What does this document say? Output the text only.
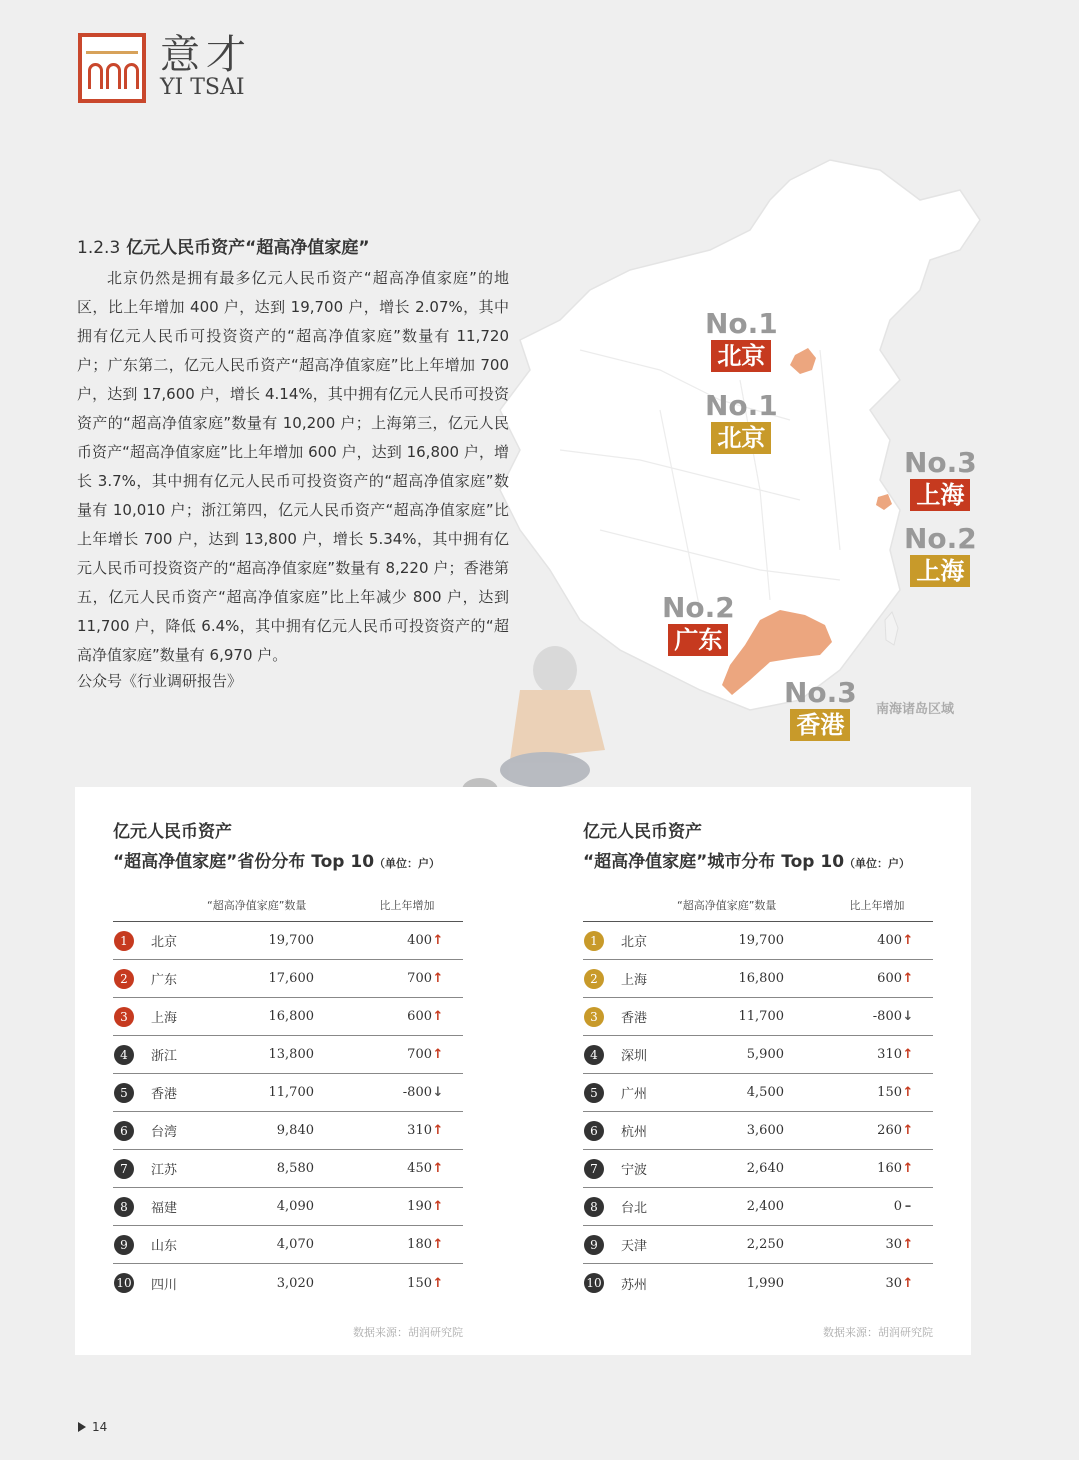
意才
YI TSAI
No.1
北京
No.1
北京
No.3
上海
No.2
上海
No.2
广东
No.3
香港
南海诸岛区域
1.2.3 亿元人民币资产“超高净值家庭”

北京仍然是拥有最多亿元人民币资产“超高净值家庭”的地区，比上年增加 400 户，达到 19,700 户，增长 2.07%，其中拥有亿元人民币可投资资产的“超高净值家庭”数量有 11,720 户；广东第二，亿元人民币资产“超高净值家庭”比上年增加 700 户，达到 17,600 户，增长 4.14%，其中拥有亿元人民币可投资资产的“超高净值家庭”数量有 10,200 户；上海第三，亿元人民币资产“超高净值家庭”比上年增加 600 户，达到 16,800 户，增长 3.7%，其中拥有亿元人民币可投资资产的“超高净值家庭”数量有 10,010 户；浙江第四，亿元人民币资产“超高净值家庭”比上年增长 700 户，达到 13,800 户，增长 5.34%，其中拥有亿元人民币可投资资产的“超高净值家庭”数量有 8,220 户；香港第五，亿元人民币资产“超高净值家庭”比上年减少 800 户，达到 11,700 户，降低 6.4%，其中拥有亿元人民币可投资资产的“超高净值家庭”数量有 6,970 户。

公众号《行业调研报告》
亿元人民币资产
“超高净值家庭”省份分布 Top 10（单位：户）
“超高净值家庭”数量	比上年增加
1	北京	19,700	400↑
2	广东	17,600	700↑
3	上海	16,800	600↑
4	浙江	13,800	700↑
5	香港	11,700	-800↓
6	台湾	9,840	310↑
7	江苏	8,580	450↑
8	福建	4,090	190↑
9	山东	4,070	180↑
10	四川	3,020	150↑
数据来源：胡润研究院
亿元人民币资产
“超高净值家庭”城市分布 Top 10（单位：户）
“超高净值家庭”数量	比上年增加
1	北京	19,700	400↑
2	上海	16,800	600↑
3	香港	11,700	-800↓
4	深圳	5,900	310↑
5	广州	4,500	150↑
6	杭州	3,600	260↑
7	宁波	2,640	160↑
8	台北	2,400	0 –
9	天津	2,250	30↑
10	苏州	1,990	30↑
数据来源：胡润研究院
14
